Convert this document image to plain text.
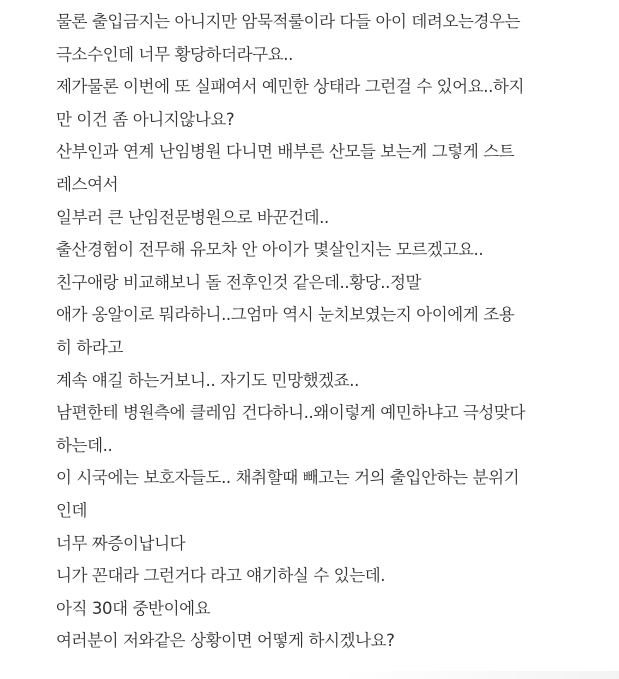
물론 출입금지는 아니지만 암묵적룰이라 다들 아이 데려오는경우는

극소수인데 너무 황당하더라구요..

제가물론 이번에 또 실패여서 예민한 상태라 그런걸 수 있어요..하지

만 이건 좀 아니지않나요?

산부인과 연계 난임병원 다니면 배부른 산모들 보는게 그렇게 스트

레스여서

일부러 큰 난임전문병원으로 바꾼건데..

출산경험이 전무해 유모차 안 아이가 몇살인지는 모르겠고요..

친구애랑 비교해보니 돌 전후인것 같은데..황당..정말

애가 옹알이로 뭐라하니..그엄마 역시 눈치보였는지 아이에게 조용

히 하라고

계속 얘길 하는거보니.. 자기도 민망했겠죠..

남편한테 병원측에 클레임 건다하니..왜이렇게 예민하냐고 극성맞다

하는데..

이 시국에는 보호자들도.. 채취할때 빼고는 거의 출입안하는 분위기

인데

너무 짜증이납니다

니가 꼰대라 그런거다 라고 얘기하실 수 있는데.

아직 30대 중반이에요

여러분이 저와같은 상황이면 어떻게 하시겠나요?
